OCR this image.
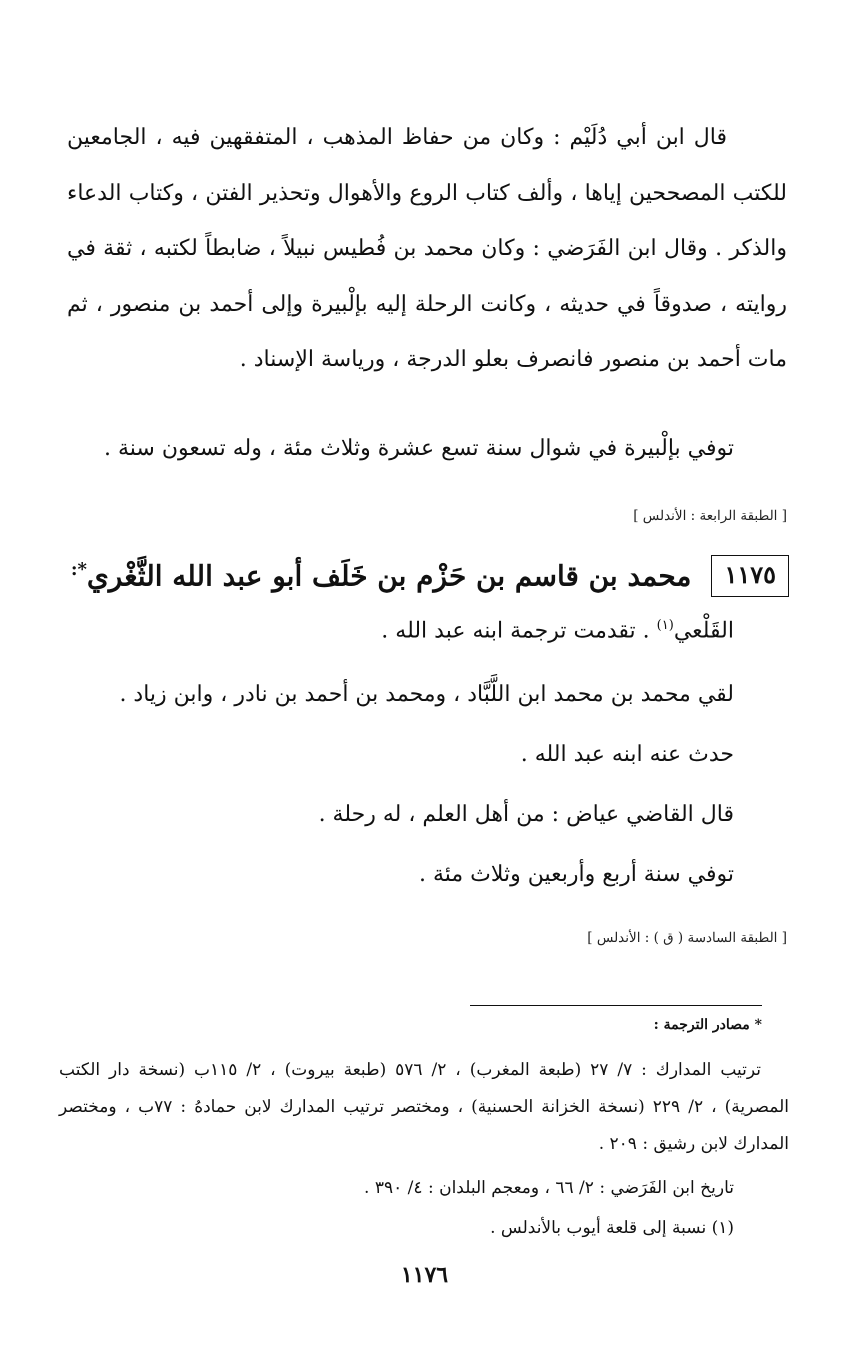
قال ابن أبي دُلَيْم : وكان من حفاظ المذهب ، المتفقهين فيه ، الجامعين للكتب المصححين إياها ، وألف كتاب الروع والأهوال وتحذير الفتن ، وكتاب الدعاء والذكر . وقال ابن الفَرَضي : وكان محمد بن فُطيس نبيلاً ، ضابطاً لكتبه ، ثقة في روايته ، صدوقاً في حديثه ، وكانت الرحلة إليه بإلْبيرة وإلى أحمد بن منصور ، ثم مات أحمد بن منصور فانصرف بعلو الدرجة ، ورياسة الإسناد .
توفي بإلْبيرة في شوال سنة تسع عشرة وثلاث مئة ، وله تسعون سنة .
[ الطبقة الرابعة : الأندلس ]
١١٧٥
محمد بن قاسم بن حَزْم بن خَلَف أبو عبد الله الثَّغْري*:
القَلْعي$^{(١)}$ . تقدمت ترجمة ابنه عبد الله .
لقي محمد بن محمد ابن اللَّبَّاد ، ومحمد بن أحمد بن نادر ، وابن زياد .
حدث عنه ابنه عبد الله .
قال القاضي عياض : من أهل العلم ، له رحلة .
توفي سنة أربع وأربعين وثلاث مئة .
[ الطبقة السادسة ( ق ) : الأندلس ]
* مصادر الترجمة :
ترتيب المدارك : ٧/ ٢٧ (طبعة المغرب) ، ٢/ ٥٧٦ (طبعة بيروت) ، ٢/ ١١٥ب (نسخة دار الكتب المصرية) ، ٢/ ٢٢٩ (نسخة الخزانة الحسنية) ، ومختصر ترتيب المدارك لابن حمادهُ : ٧٧ب ، ومختصر المدارك لابن رشيق : ٢٠٩ .
تاريخ ابن الفَرَضي : ٢/ ٦٦ ، ومعجم البلدان : ٤/ ٣٩٠ .
(١) نسبة إلى قلعة أيوب بالأندلس .
١١٧٦
